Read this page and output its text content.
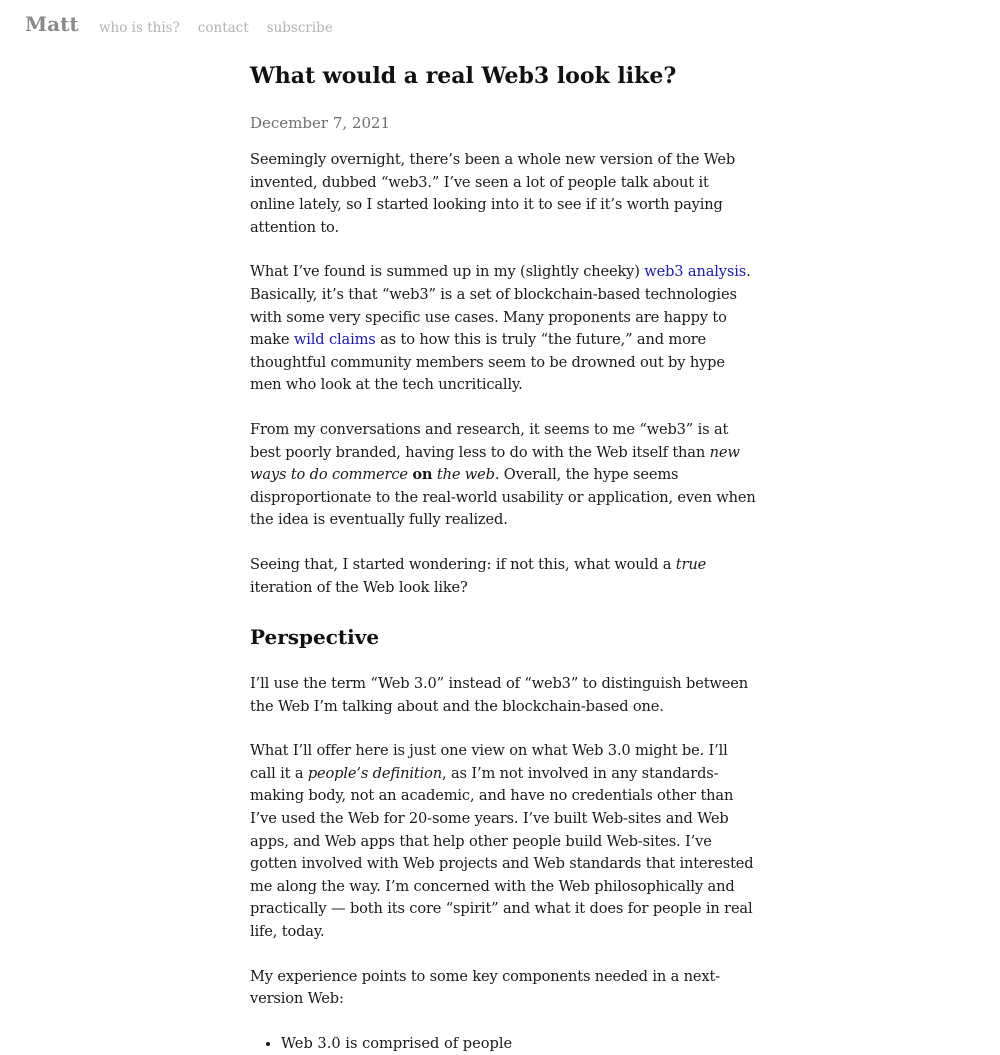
Matt who is this? contact subscribe
What would a real Web3 look like?
December 7, 2021

Seemingly overnight, there’s been a whole new version of the Web invented, dubbed “web3.” I’ve seen a lot of people talk about it online lately, so I started looking into it to see if it’s worth paying attention to.

What I’ve found is summed up in my (slightly cheeky) web3 analysis. Basically, it’s that “web3” is a set of blockchain-based technologies with some very specific use cases. Many proponents are happy to make wild claims as to how this is truly “the future,” and more thoughtful community members seem to be drowned out by hype men who look at the tech uncritically.

From my conversations and research, it seems to me “web3” is at best poorly branded, having less to do with the Web itself than new ways to do commerce on the web. Overall, the hype seems disproportionate to the real-world usability or application, even when the idea is eventually fully realized.

Seeing that, I started wondering: if not this, what would a true iteration of the Web look like?

Perspective

I’ll use the term “Web 3.0” instead of “web3” to distinguish between the Web I’m talking about and the blockchain-based one.

What I’ll offer here is just one view on what Web 3.0 might be. I’ll call it a people’s definition, as I’m not involved in any standards-making body, not an academic, and have no credentials other than I’ve used the Web for 20-some years. I’ve built Web-sites and Web apps, and Web apps that help other people build Web-sites. I’ve gotten involved with Web projects and Web standards that interested me along the way. I’m concerned with the Web philosophically and practically — both its core “spirit” and what it does for people in real life, today.

My experience points to some key components needed in a next-version Web:

• Web 3.0 is comprised of people
